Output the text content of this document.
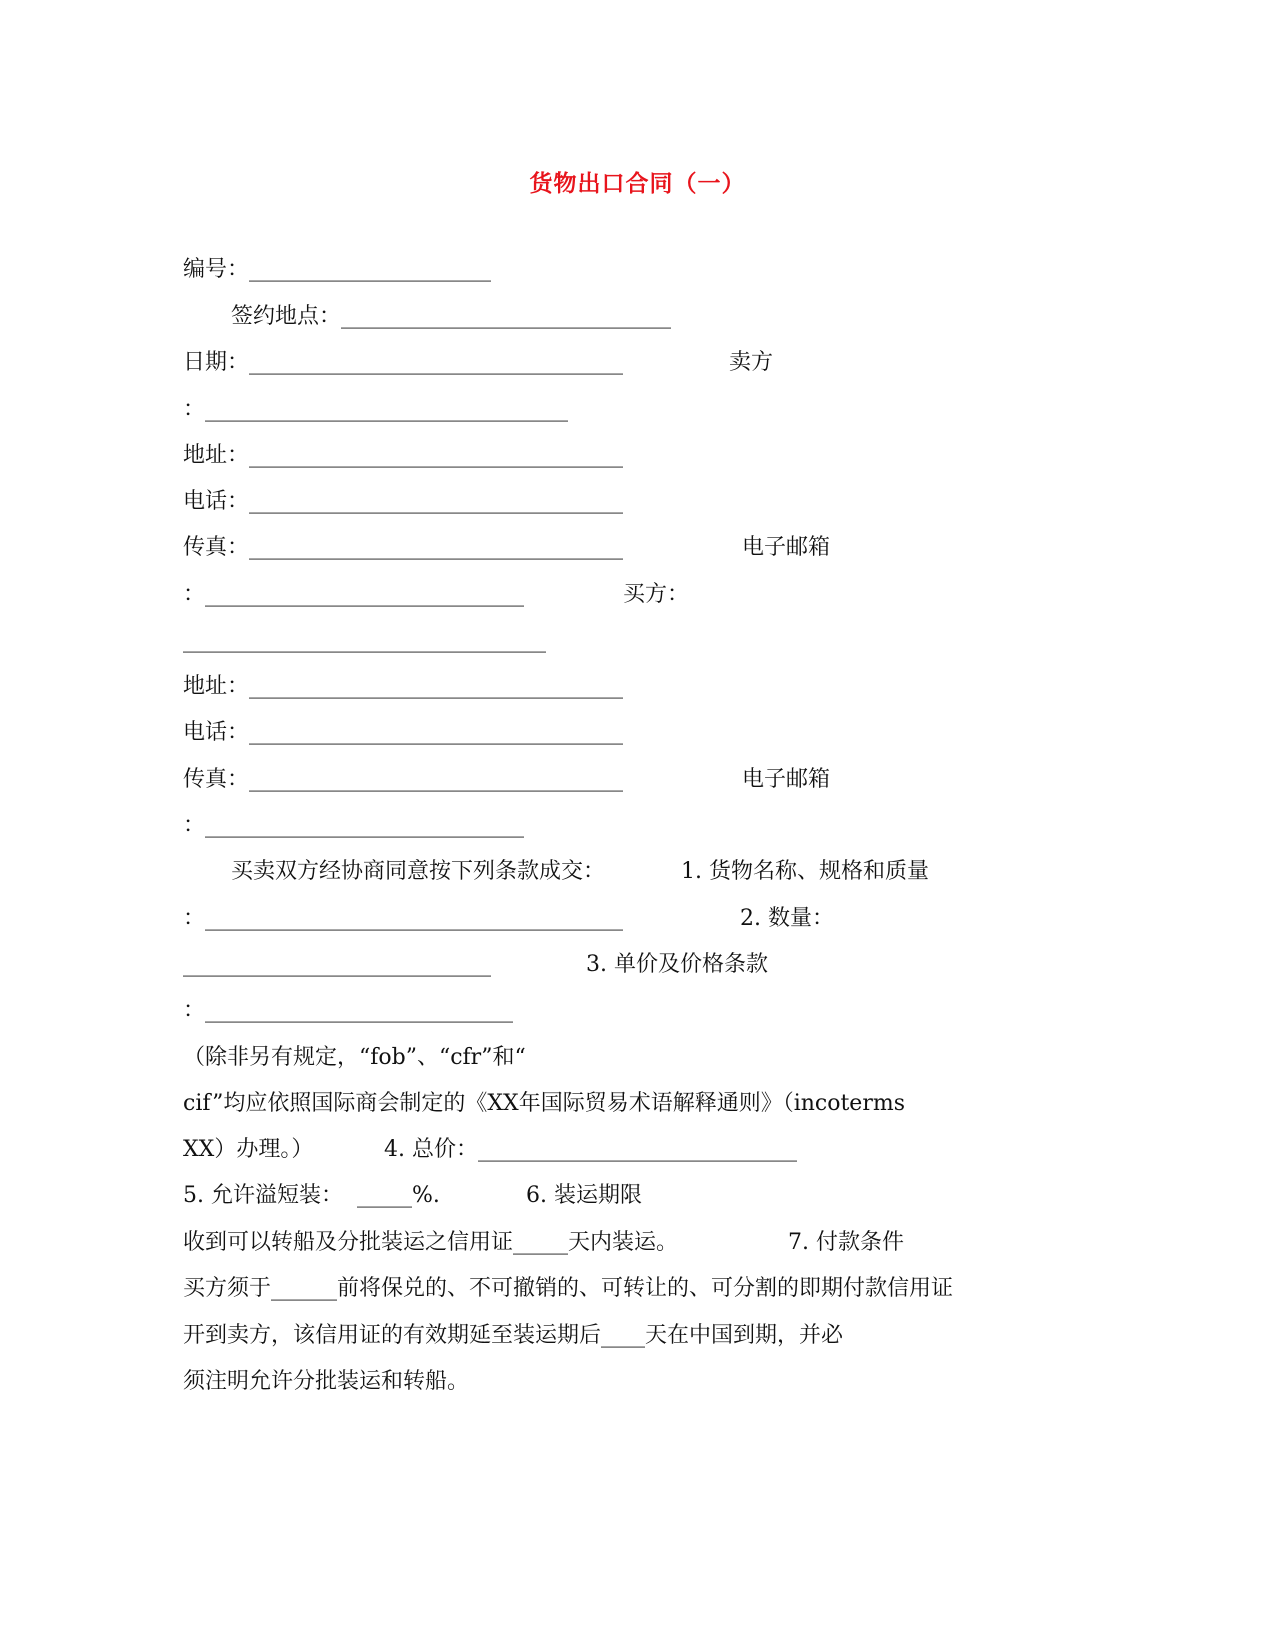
货物出口合同（一）
编号：______________________
签约地点：______________________________
日期：__________________________________	卖方
：_________________________________
地址：__________________________________
电话：__________________________________
传真：__________________________________	电子邮箱
：_____________________________	买方：
_________________________________
地址：__________________________________
电话：__________________________________
传真：__________________________________	电子邮箱
：_____________________________
买卖双方经协商同意按下列条款成交：	1. 货物名称、规格和质量
：______________________________________	2. 数量：
____________________________	3. 单价及价格条款
：____________________________
（除非另有规定，“fob”、“cfr”和“
cif”均应依照国际商会制定的《XX年国际贸易术语解释通则》（incoterms
XX）办理。）	4. 总价：_____________________________
5. 允许溢短装：  _____%.	6. 装运期限
收到可以转船及分批装运之信用证_____天内装运。	7. 付款条件
买方须于______前将保兑的、不可撤销的、可转让的、可分割的即期付款信用证
开到卖方，该信用证的有效期延至装运期后____天在中国到期，并必
须注明允许分批装运和转船。
